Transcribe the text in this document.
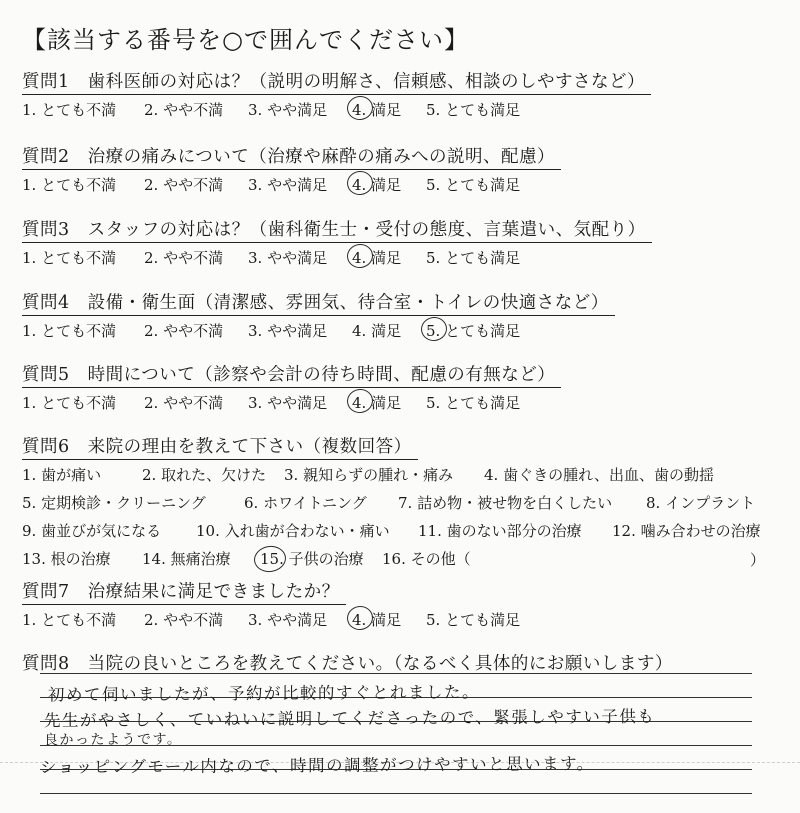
【該当する番号を○で囲んでください】
質問1 歯科医師の対応は？（説明の明解さ、信頼感、相談のしやすさなど）
1. とても不満 2. やや不満 3. やや満足 4. 満足 5. とても満足
質問2 治療の痛みについて（治療や麻酔の痛みへの説明、配慮）
1. とても不満 2. やや不満 3. やや満足 4. 満足 5. とても満足
質問3 スタッフの対応は？（歯科衛生士・受付の態度、言葉遣い、気配り）
1. とても不満 2. やや不満 3. やや満足 4. 満足 5. とても満足
質問4 設備・衛生面（清潔感、雰囲気、待合室・トイレの快適さなど）
1. とても不満 2. やや不満 3. やや満足 4. 満足 5. とても満足
質問5 時間について（診察や会計の待ち時間、配慮の有無など）
1. とても不満 2. やや不満 3. やや満足 4. 満足 5. とても満足
質問6 来院の理由を教えて下さい（複数回答）
1. 歯が痛い	2. 取れた、欠けた 3. 親知らずの腫れ・痛み 4. 歯ぐきの腫れ、出血、歯の動揺
5. 定期検診・クリーニング	6. ホワイトニング 7. 詰め物・被せ物を白くしたい 8. インプラント
9. 歯並びが気になる 10. 入れ歯が合わない・痛い 11. 歯のない部分の治療 12. 噛み合わせの治療
13. 根の治療 14. 無痛治療 15. 子供の治療 16. その他（	）
質問7 治療結果に満足できましたか？
1. とても不満 2. やや不満 3. やや満足 4. 満足 5. とても満足
質問8 当院の良いところを教えてください。（なるべく具体的にお願いします）
初めて伺いましたが、予約が比較的すぐとれました。
先生がやさしく、ていねいに説明してくださったので、緊張しやすい子供も
良かったようです。
ショッピングモール内なので、時間の調整がつけやすいと思います。
